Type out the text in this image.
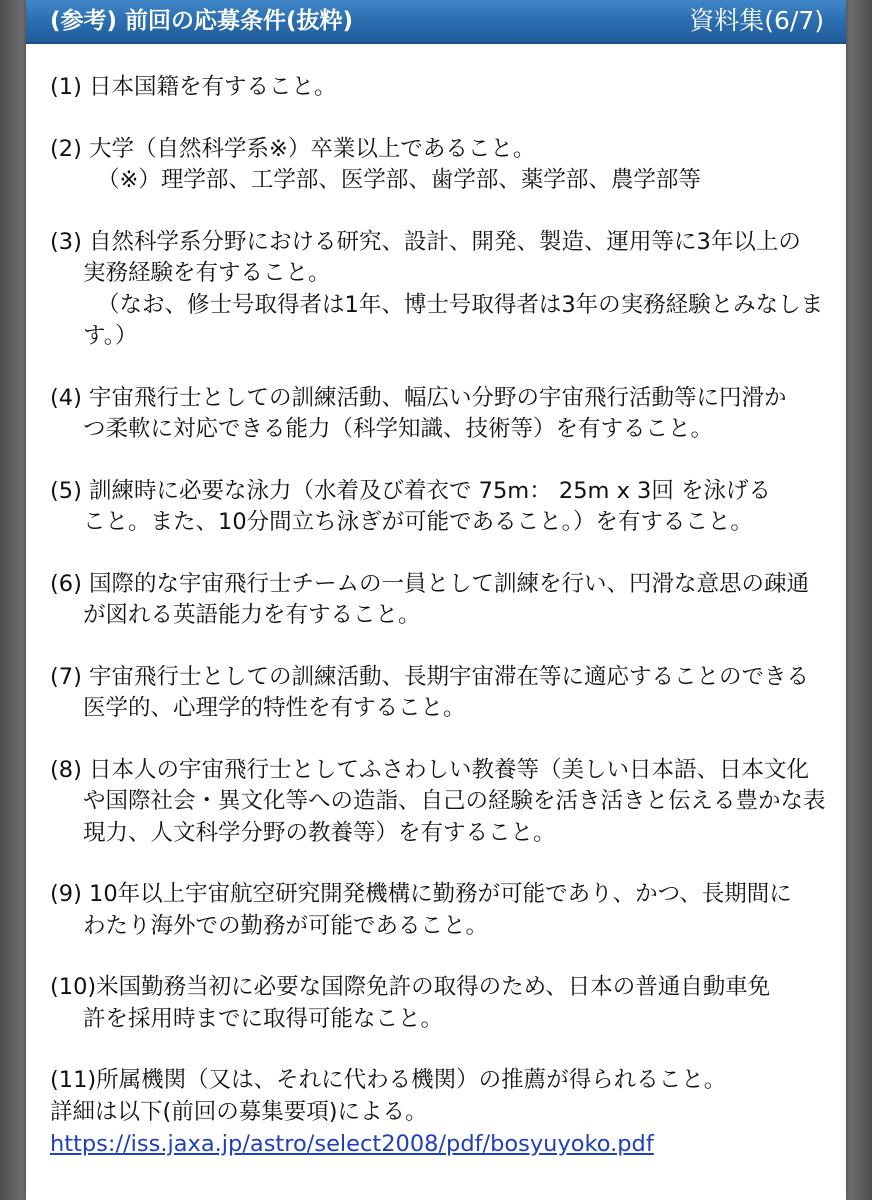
(参考) 前回の応募条件(抜粋)	資料集(6/7)
(1) 日本国籍を有すること。
(2) 大学（自然科学系※）卒業以上であること。
（※）理学部、工学部、医学部、歯学部、薬学部、農学部等
(3) 自然科学系分野における研究、設計、開発、製造、運用等に3年以上の
実務経験を有すること。
（なお、修士号取得者は1年、博士号取得者は3年の実務経験とみなしま
す。）
(4) 宇宙飛行士としての訓練活動、幅広い分野の宇宙飛行活動等に円滑か
つ柔軟に対応できる能力（科学知識、技術等）を有すること。
(5) 訓練時に必要な泳力（水着及び着衣で 75m： 25m x 3回 を泳げる
こと。また、10分間立ち泳ぎが可能であること。）を有すること。
(6) 国際的な宇宙飛行士チームの一員として訓練を行い、円滑な意思の疎通
が図れる英語能力を有すること。
(7) 宇宙飛行士としての訓練活動、長期宇宙滞在等に適応することのできる
医学的、心理学的特性を有すること。
(8) 日本人の宇宙飛行士としてふさわしい教養等（美しい日本語、日本文化
や国際社会・異文化等への造詣、自己の経験を活き活きと伝える豊かな表
現力、人文科学分野の教養等）を有すること。
(9) 10年以上宇宙航空研究開発機構に勤務が可能であり、かつ、長期間に
わたり海外での勤務が可能であること。
(10)米国勤務当初に必要な国際免許の取得のため、日本の普通自動車免
許を採用時までに取得可能なこと。
(11)所属機関（又は、それに代わる機関）の推薦が得られること。
詳細は以下(前回の募集要項)による。
https://iss.jaxa.jp/astro/select2008/pdf/bosyuyoko.pdf
